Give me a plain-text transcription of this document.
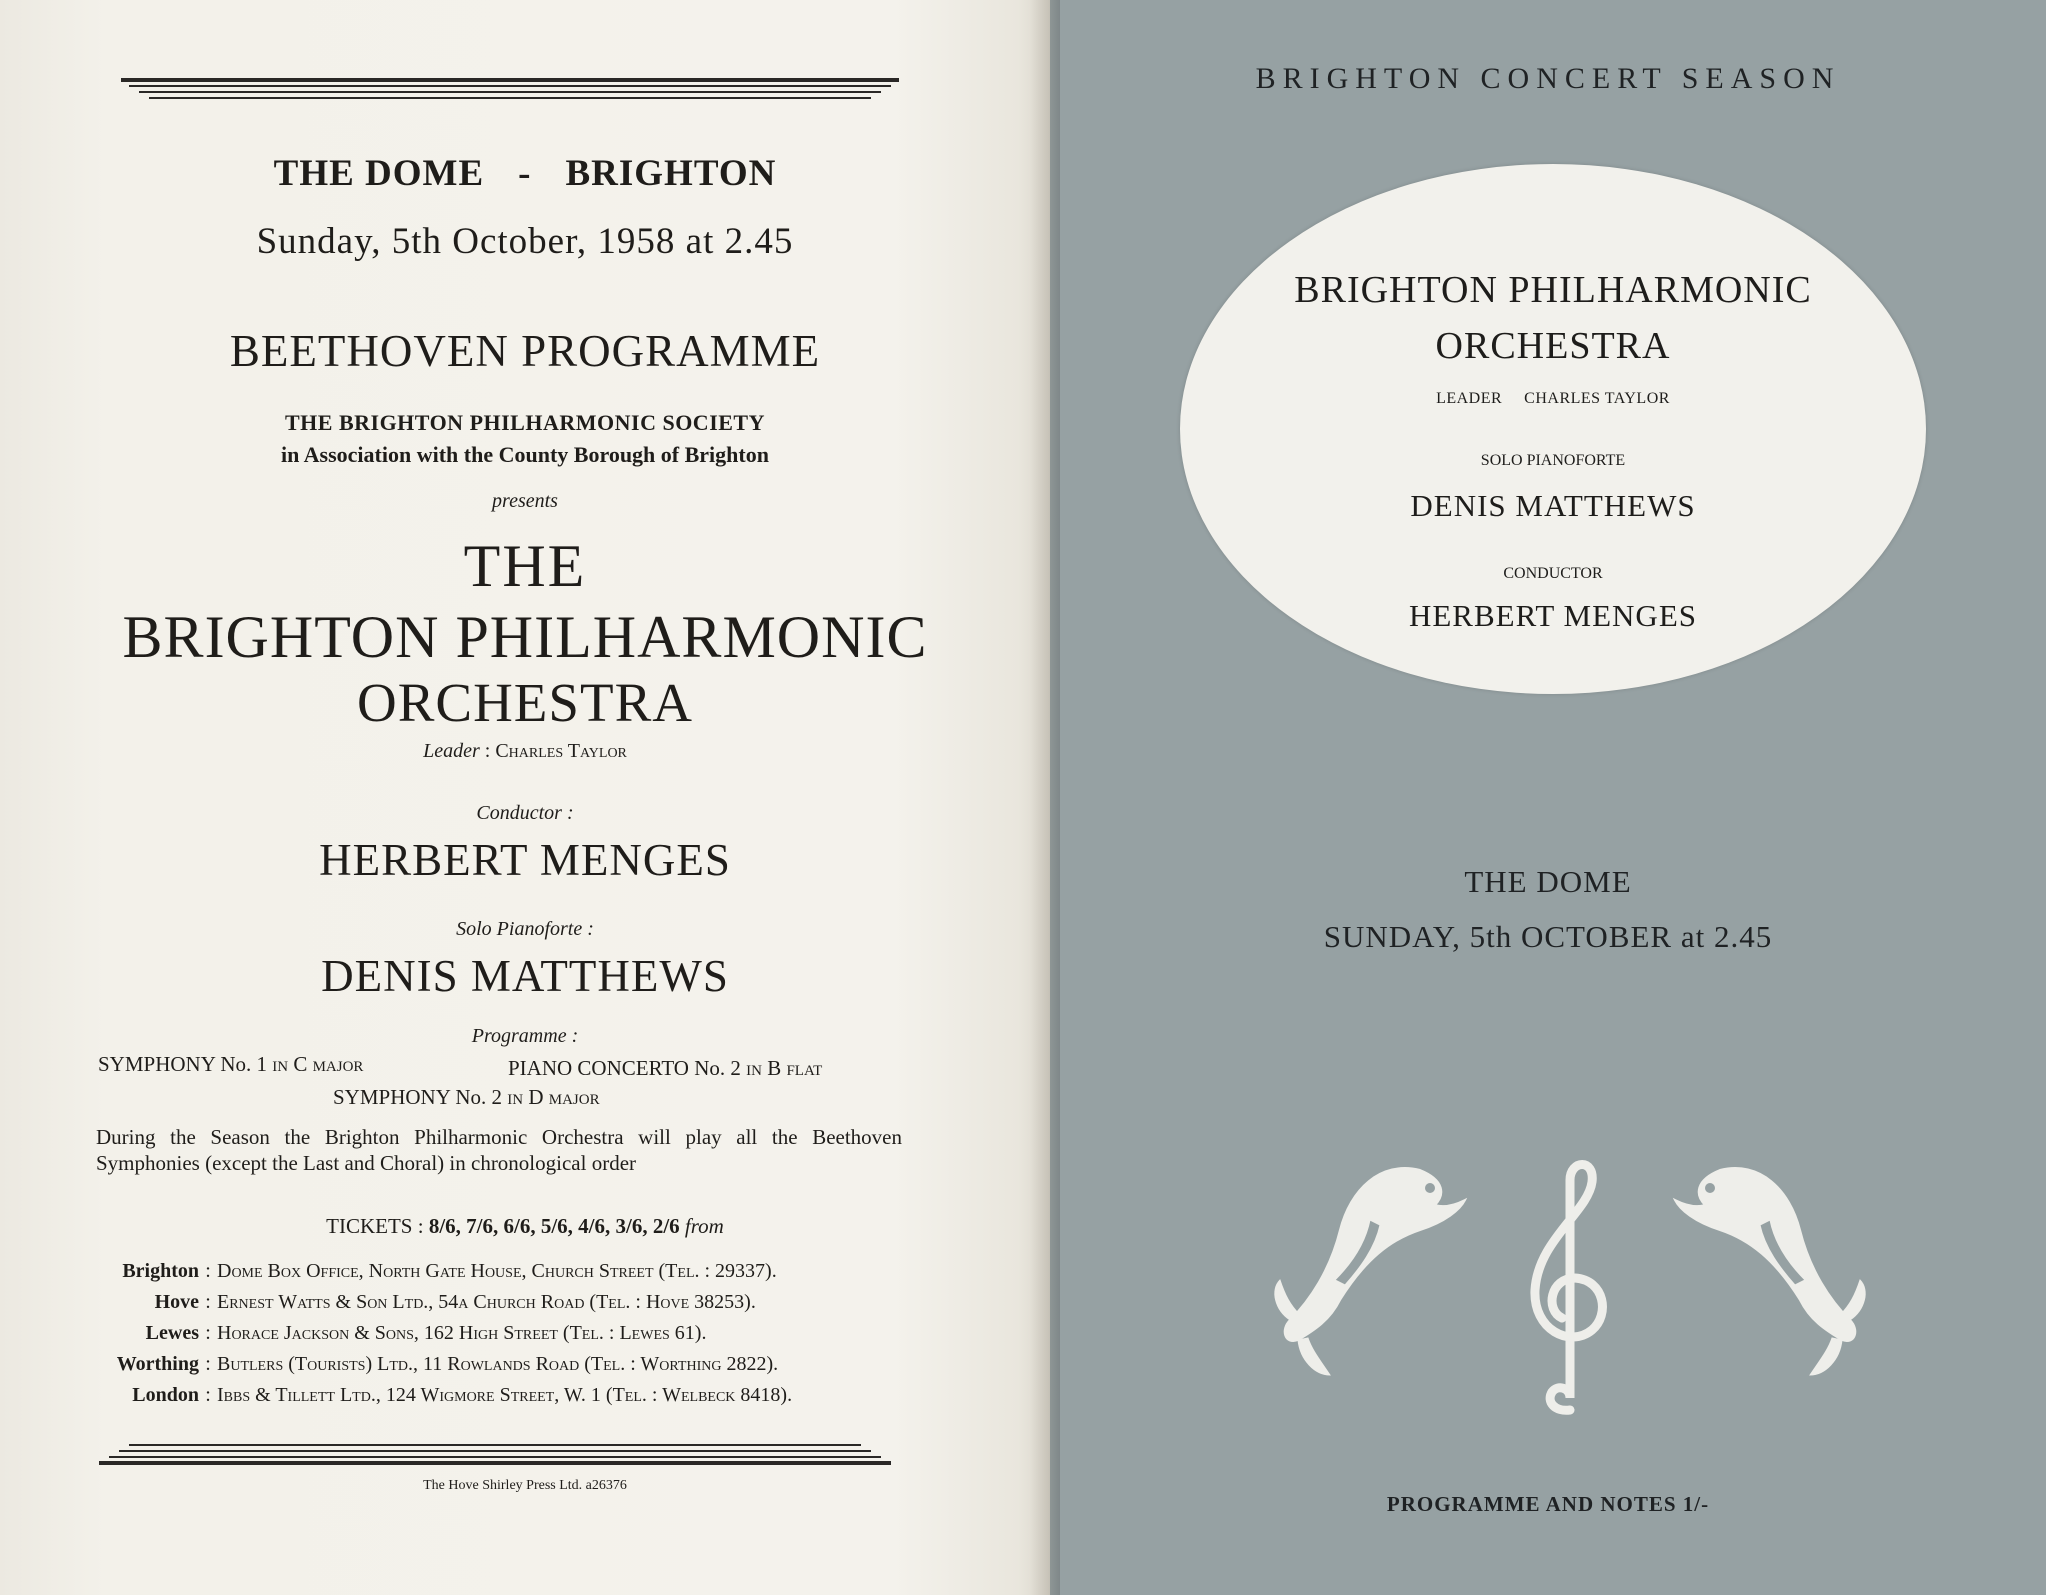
THE DOME - BRIGHTON
Sunday, 5th October, 1958 at 2.45
BEETHOVEN PROGRAMME
THE BRIGHTON PHILHARMONIC SOCIETY
in Association with the County Borough of Brighton
presents
THE
BRIGHTON PHILHARMONIC
ORCHESTRA
Leader : Charles Taylor
Conductor :
HERBERT MENGES
Solo Pianoforte :
DENIS MATTHEWS
Programme :
SYMPHONY No. 1 in C major	PIANO CONCERTO No. 2 in B flat
SYMPHONY No. 2 in D major
During the Season the Brighton Philharmonic Orchestra will play all the Beethoven Symphonies (except the Last and Choral) in chronological order
TICKETS : 8/6, 7/6, 6/6, 5/6, 4/6, 3/6, 2/6 from
Brighton : Dome Box Office, North Gate House, Church Street (Tel. : 29337).
Hove : Ernest Watts & Son Ltd., 54a Church Road (Tel. : Hove 38253).
Lewes : Horace Jackson & Sons, 162 High Street (Tel. : Lewes 61).
Worthing : Butlers (Tourists) Ltd., 11 Rowlands Road (Tel. : Worthing 2822).
London : Ibbs & Tillett Ltd., 124 Wigmore Street, W. 1 (Tel. : Welbeck 8418).
The Hove Shirley Press Ltd. a26376
BRIGHTON CONCERT SEASON
BRIGHTON PHILHARMONIC
ORCHESTRA
LEADER CHARLES TAYLOR
SOLO PIANOFORTE
DENIS MATTHEWS
CONDUCTOR
HERBERT MENGES
THE DOME
SUNDAY, 5th OCTOBER at 2.45
PROGRAMME AND NOTES 1/-
